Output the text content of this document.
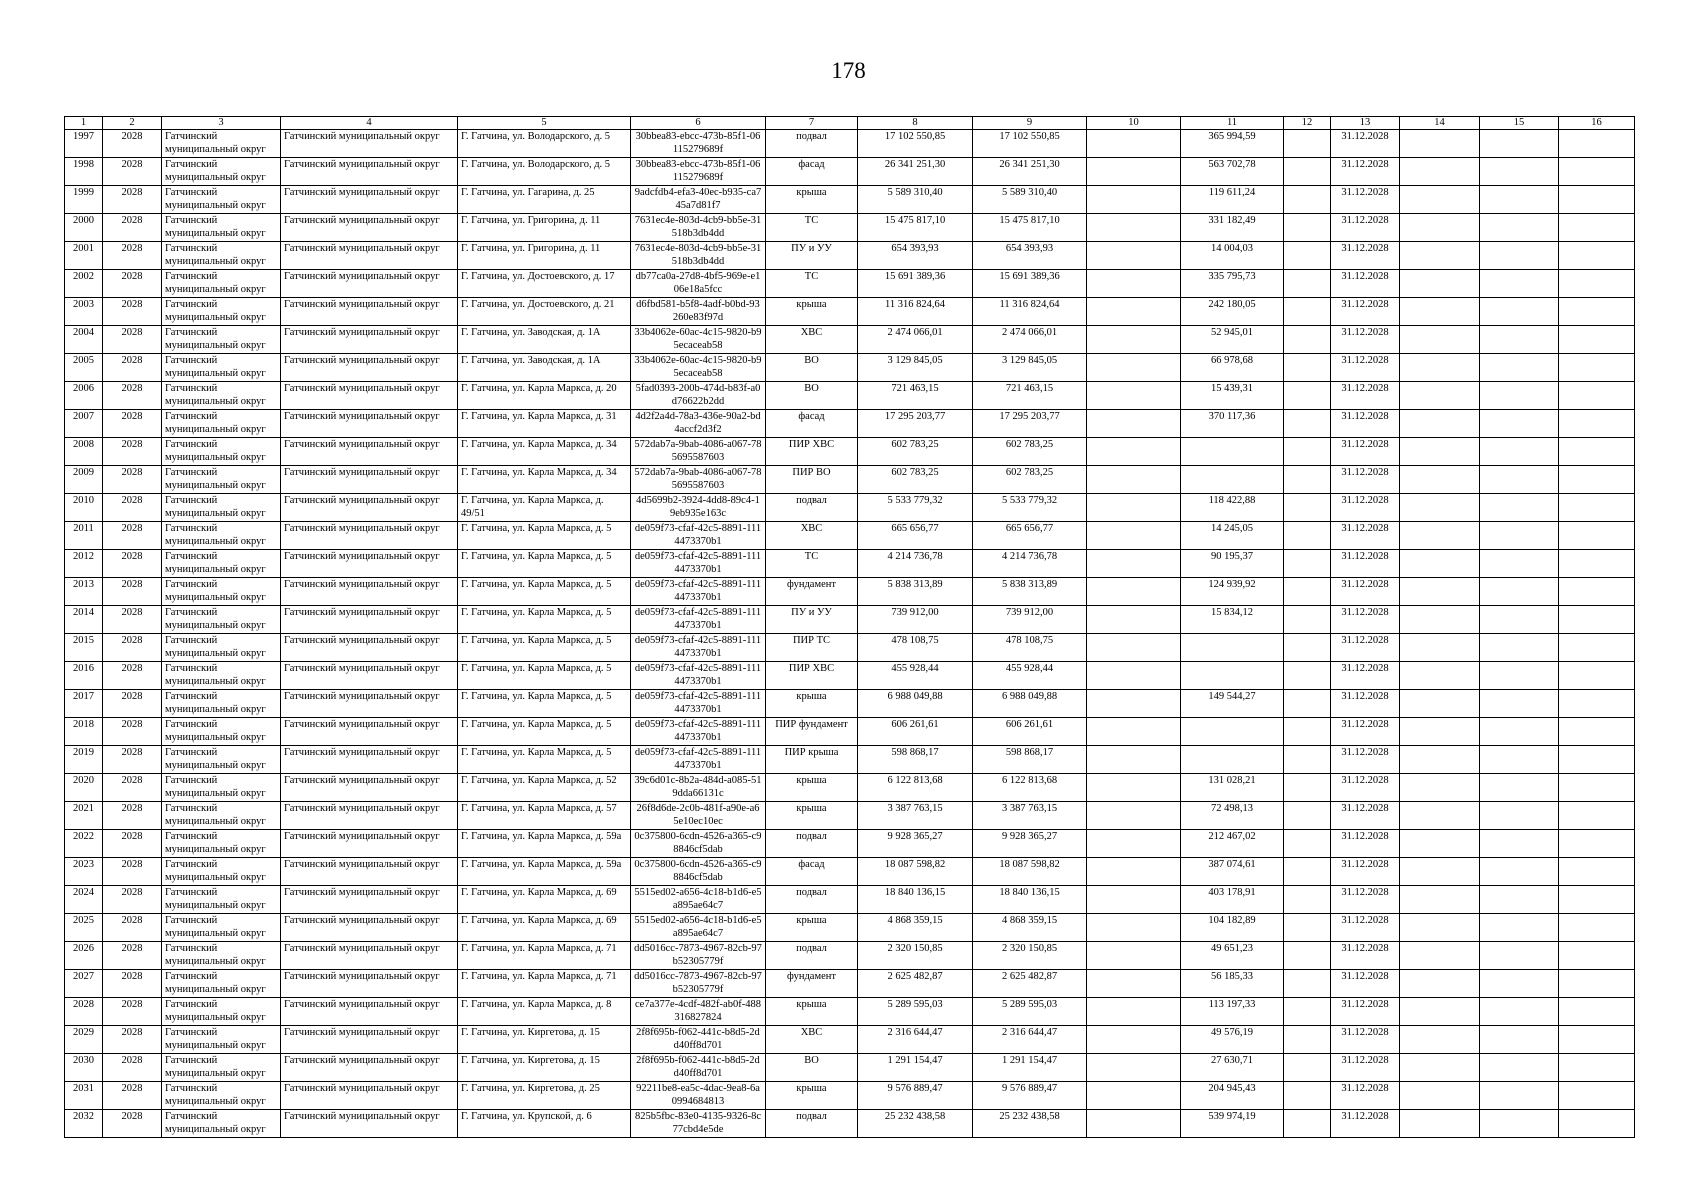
178
1	2	3	4	5	6	7	8	9	10	11	12	13	14	15	16
1997	2028	Гатчинский муниципальный округ	Гатчинский муниципальный округ	Г. Гатчина, ул. Володарского, д. 5	30bbea83-ebcc-473b-85f1-06115279689f	подвал	17 102 550,85	17 102 550,85		365 994,59		31.12.2028			
1998	2028	Гатчинский муниципальный округ	Гатчинский муниципальный округ	Г. Гатчина, ул. Володарского, д. 5	30bbea83-ebcc-473b-85f1-06115279689f	фасад	26 341 251,30	26 341 251,30		563 702,78		31.12.2028			
1999	2028	Гатчинский муниципальный округ	Гатчинский муниципальный округ	Г. Гатчина, ул. Гагарина, д. 25	9adcfdb4-efa3-40ec-b935-ca745a7d81f7	крыша	5 589 310,40	5 589 310,40		119 611,24		31.12.2028			
2000	2028	Гатчинский муниципальный округ	Гатчинский муниципальный округ	Г. Гатчина, ул. Григорина, д. 11	7631ec4e-803d-4cb9-bb5e-31518b3db4dd	ТС	15 475 817,10	15 475 817,10		331 182,49		31.12.2028			
2001	2028	Гатчинский муниципальный округ	Гатчинский муниципальный округ	Г. Гатчина, ул. Григорина, д. 11	7631ec4e-803d-4cb9-bb5e-31518b3db4dd	ПУ и УУ	654 393,93	654 393,93		14 004,03		31.12.2028			
2002	2028	Гатчинский муниципальный округ	Гатчинский муниципальный округ	Г. Гатчина, ул. Достоевского, д. 17	db77ca0a-27d8-4bf5-969e-e106e18a5fcc	ТС	15 691 389,36	15 691 389,36		335 795,73		31.12.2028			
2003	2028	Гатчинский муниципальный округ	Гатчинский муниципальный округ	Г. Гатчина, ул. Достоевского, д. 21	d6fbd581-b5f8-4adf-b0bd-93260e83f97d	крыша	11 316 824,64	11 316 824,64		242 180,05		31.12.2028			
2004	2028	Гатчинский муниципальный округ	Гатчинский муниципальный округ	Г. Гатчина, ул. Заводская, д. 1А	33b4062e-60ac-4c15-9820-b95ecaceab58	ХВС	2 474 066,01	2 474 066,01		52 945,01		31.12.2028			
2005	2028	Гатчинский муниципальный округ	Гатчинский муниципальный округ	Г. Гатчина, ул. Заводская, д. 1А	33b4062e-60ac-4c15-9820-b95ecaceab58	ВО	3 129 845,05	3 129 845,05		66 978,68		31.12.2028			
2006	2028	Гатчинский муниципальный округ	Гатчинский муниципальный округ	Г. Гатчина, ул. Карла Маркса, д. 20	5fad0393-200b-474d-b83f-a0d76622b2dd	ВО	721 463,15	721 463,15		15 439,31		31.12.2028			
2007	2028	Гатчинский муниципальный округ	Гатчинский муниципальный округ	Г. Гатчина, ул. Карла Маркса, д. 31	4d2f2a4d-78a3-436e-90a2-bd4accf2d3f2	фасад	17 295 203,77	17 295 203,77		370 117,36		31.12.2028			
2008	2028	Гатчинский муниципальный округ	Гатчинский муниципальный округ	Г. Гатчина, ул. Карла Маркса, д. 34	572dab7a-9bab-4086-a067-785695587603	ПИР ХВС	602 783,25	602 783,25				31.12.2028			
2009	2028	Гатчинский муниципальный округ	Гатчинский муниципальный округ	Г. Гатчина, ул. Карла Маркса, д. 34	572dab7a-9bab-4086-a067-785695587603	ПИР ВО	602 783,25	602 783,25				31.12.2028			
2010	2028	Гатчинский муниципальный округ	Гатчинский муниципальный округ	Г. Гатчина, ул. Карла Маркса, д. 49/51	4d5699b2-3924-4dd8-89c4-19eb935e163c	подвал	5 533 779,32	5 533 779,32		118 422,88		31.12.2028			
2011	2028	Гатчинский муниципальный округ	Гатчинский муниципальный округ	Г. Гатчина, ул. Карла Маркса, д. 5	de059f73-cfaf-42c5-8891-1114473370b1	ХВС	665 656,77	665 656,77		14 245,05		31.12.2028			
2012	2028	Гатчинский муниципальный округ	Гатчинский муниципальный округ	Г. Гатчина, ул. Карла Маркса, д. 5	de059f73-cfaf-42c5-8891-1114473370b1	ТС	4 214 736,78	4 214 736,78		90 195,37		31.12.2028			
2013	2028	Гатчинский муниципальный округ	Гатчинский муниципальный округ	Г. Гатчина, ул. Карла Маркса, д. 5	de059f73-cfaf-42c5-8891-1114473370b1	фундамент	5 838 313,89	5 838 313,89		124 939,92		31.12.2028			
2014	2028	Гатчинский муниципальный округ	Гатчинский муниципальный округ	Г. Гатчина, ул. Карла Маркса, д. 5	de059f73-cfaf-42c5-8891-1114473370b1	ПУ и УУ	739 912,00	739 912,00		15 834,12		31.12.2028			
2015	2028	Гатчинский муниципальный округ	Гатчинский муниципальный округ	Г. Гатчина, ул. Карла Маркса, д. 5	de059f73-cfaf-42c5-8891-1114473370b1	ПИР ТС	478 108,75	478 108,75				31.12.2028			
2016	2028	Гатчинский муниципальный округ	Гатчинский муниципальный округ	Г. Гатчина, ул. Карла Маркса, д. 5	de059f73-cfaf-42c5-8891-1114473370b1	ПИР ХВС	455 928,44	455 928,44				31.12.2028			
2017	2028	Гатчинский муниципальный округ	Гатчинский муниципальный округ	Г. Гатчина, ул. Карла Маркса, д. 5	de059f73-cfaf-42c5-8891-1114473370b1	крыша	6 988 049,88	6 988 049,88		149 544,27		31.12.2028			
2018	2028	Гатчинский муниципальный округ	Гатчинский муниципальный округ	Г. Гатчина, ул. Карла Маркса, д. 5	de059f73-cfaf-42c5-8891-1114473370b1	ПИР фундамент	606 261,61	606 261,61				31.12.2028			
2019	2028	Гатчинский муниципальный округ	Гатчинский муниципальный округ	Г. Гатчина, ул. Карла Маркса, д. 5	de059f73-cfaf-42c5-8891-1114473370b1	ПИР крыша	598 868,17	598 868,17				31.12.2028			
2020	2028	Гатчинский муниципальный округ	Гатчинский муниципальный округ	Г. Гатчина, ул. Карла Маркса, д. 52	39c6d01c-8b2a-484d-a085-519dda66131c	крыша	6 122 813,68	6 122 813,68		131 028,21		31.12.2028			
2021	2028	Гатчинский муниципальный округ	Гатчинский муниципальный округ	Г. Гатчина, ул. Карла Маркса, д. 57	26f8d6de-2c0b-481f-a90e-a65e10ec10ec	крыша	3 387 763,15	3 387 763,15		72 498,13		31.12.2028			
2022	2028	Гатчинский муниципальный округ	Гатчинский муниципальный округ	Г. Гатчина, ул. Карла Маркса, д. 59а	0c375800-6cdn-4526-a365-c98846cf5dab	подвал	9 928 365,27	9 928 365,27		212 467,02		31.12.2028			
2023	2028	Гатчинский муниципальный округ	Гатчинский муниципальный округ	Г. Гатчина, ул. Карла Маркса, д. 59а	0c375800-6cdn-4526-a365-c98846cf5dab	фасад	18 087 598,82	18 087 598,82		387 074,61		31.12.2028			
2024	2028	Гатчинский муниципальный округ	Гатчинский муниципальный округ	Г. Гатчина, ул. Карла Маркса, д. 69	5515ed02-a656-4c18-b1d6-e5a895ae64c7	подвал	18 840 136,15	18 840 136,15		403 178,91		31.12.2028			
2025	2028	Гатчинский муниципальный округ	Гатчинский муниципальный округ	Г. Гатчина, ул. Карла Маркса, д. 69	5515ed02-a656-4c18-b1d6-e5a895ae64c7	крыша	4 868 359,15	4 868 359,15		104 182,89		31.12.2028			
2026	2028	Гатчинский муниципальный округ	Гатчинский муниципальный округ	Г. Гатчина, ул. Карла Маркса, д. 71	dd5016cc-7873-4967-82cb-97b52305779f	подвал	2 320 150,85	2 320 150,85		49 651,23		31.12.2028			
2027	2028	Гатчинский муниципальный округ	Гатчинский муниципальный округ	Г. Гатчина, ул. Карла Маркса, д. 71	dd5016cc-7873-4967-82cb-97b52305779f	фундамент	2 625 482,87	2 625 482,87		56 185,33		31.12.2028			
2028	2028	Гатчинский муниципальный округ	Гатчинский муниципальный округ	Г. Гатчина, ул. Карла Маркса, д. 8	ce7a377e-4cdf-482f-ab0f-488316827824	крыша	5 289 595,03	5 289 595,03		113 197,33		31.12.2028			
2029	2028	Гатчинский муниципальный округ	Гатчинский муниципальный округ	Г. Гатчина, ул. Киргетова, д. 15	2f8f695b-f062-441c-b8d5-2dd40ff8d701	ХВС	2 316 644,47	2 316 644,47		49 576,19		31.12.2028			
2030	2028	Гатчинский муниципальный округ	Гатчинский муниципальный округ	Г. Гатчина, ул. Киргетова, д. 15	2f8f695b-f062-441c-b8d5-2dd40ff8d701	ВО	1 291 154,47	1 291 154,47		27 630,71		31.12.2028			
2031	2028	Гатчинский муниципальный округ	Гатчинский муниципальный округ	Г. Гатчина, ул. Киргетова, д. 25	92211be8-ea5c-4dac-9ea8-6a0994684813	крыша	9 576 889,47	9 576 889,47		204 945,43		31.12.2028			
2032	2028	Гатчинский муниципальный округ	Гатчинский муниципальный округ	Г. Гатчина, ул. Крупской, д. 6	825b5fbc-83e0-4135-9326-8c77cbd4e5de	подвал	25 232 438,58	25 232 438,58		539 974,19		31.12.2028			
